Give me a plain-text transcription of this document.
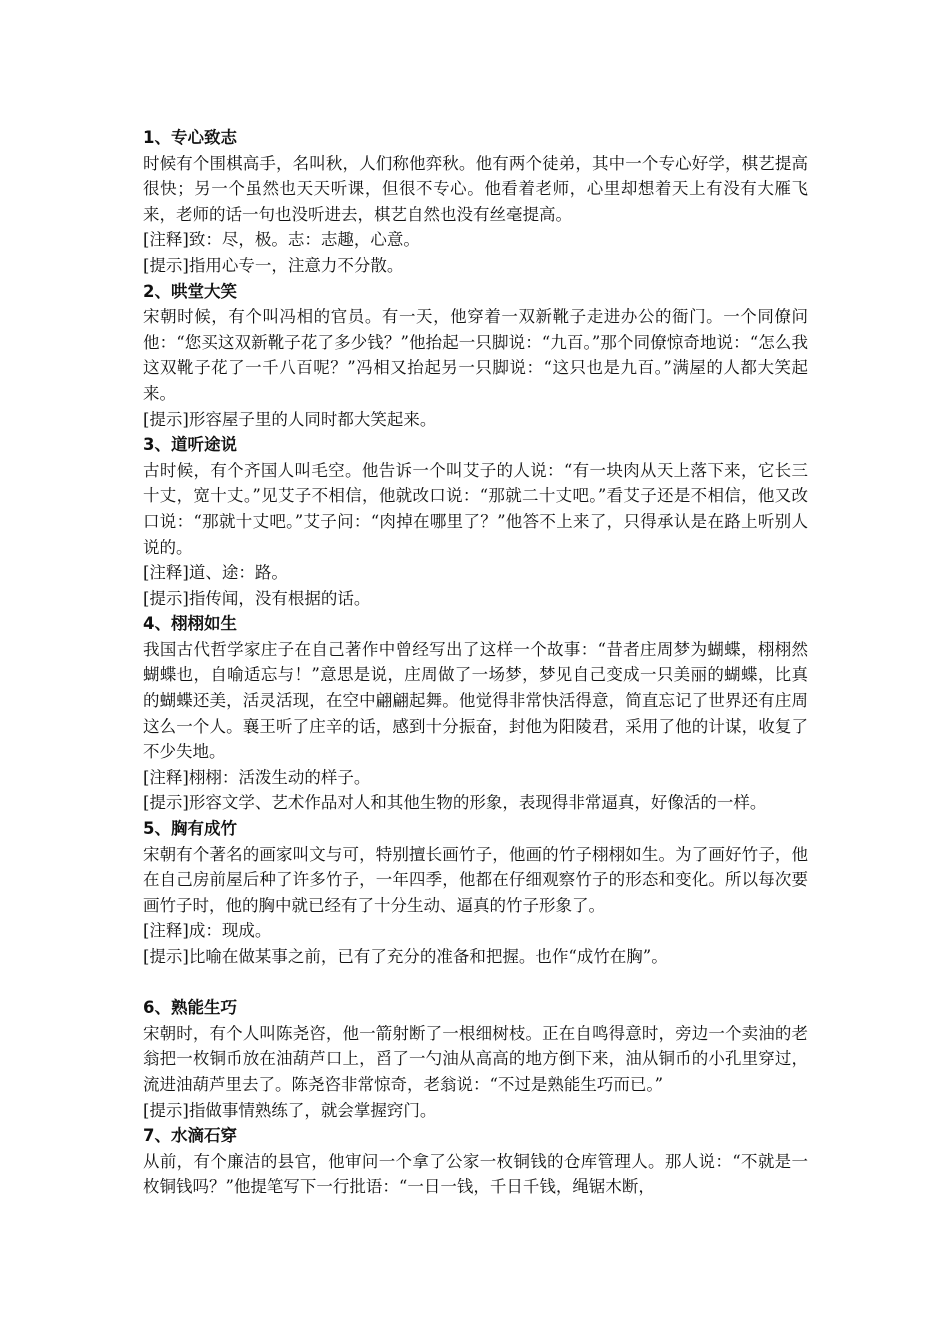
1、专心致志

时候有个围棋高手，名叫秋，人们称他弈秋。他有两个徒弟，其中一个专心好学，棋艺提高很快；另一个虽然也天天听课，但很不专心。他看着老师，心里却想着天上有没有大雁飞来，老师的话一句也没听进去，棋艺自然也没有丝毫提高。

[注释]致：尽，极。志：志趣，心意。

[提示]指用心专一，注意力不分散。

2、哄堂大笑

宋朝时候，有个叫冯相的官员。有一天，他穿着一双新靴子走进办公的衙门。一个同僚问他：“您买这双新靴子花了多少钱？”他抬起一只脚说：“九百。”那个同僚惊奇地说：“怎么我这双靴子花了一千八百呢？”冯相又抬起另一只脚说：“这只也是九百。”满屋的人都大笑起来。

[提示]形容屋子里的人同时都大笑起来。

3、道听途说

古时候，有个齐国人叫毛空。他告诉一个叫艾子的人说：“有一块肉从天上落下来，它长三十丈，宽十丈。”见艾子不相信，他就改口说：“那就二十丈吧。”看艾子还是不相信，他又改口说：“那就十丈吧。”艾子问：“肉掉在哪里了？”他答不上来了，只得承认是在路上听别人说的。

[注释]道、途：路。

[提示]指传闻，没有根据的话。

4、栩栩如生

我国古代哲学家庄子在自己著作中曾经写出了这样一个故事：“昔者庄周梦为蝴蝶，栩栩然蝴蝶也，自喻适忘与！”意思是说，庄周做了一场梦，梦见自己变成一只美丽的蝴蝶，比真的蝴蝶还美，活灵活现，在空中翩翩起舞。他觉得非常快活得意，简直忘记了世界还有庄周这么一个人。襄王听了庄辛的话，感到十分振奋，封他为阳陵君，采用了他的计谋，收复了不少失地。

[注释]栩栩：活泼生动的样子。

[提示]形容文学、艺术作品对人和其他生物的形象，表现得非常逼真，好像活的一样。

5、胸有成竹

宋朝有个著名的画家叫文与可，特别擅长画竹子，他画的竹子栩栩如生。为了画好竹子，他在自己房前屋后种了许多竹子，一年四季，他都在仔细观察竹子的形态和变化。所以每次要画竹子时，他的胸中就已经有了十分生动、逼真的竹子形象了。

[注释]成：现成。

[提示]比喻在做某事之前，已有了充分的准备和把握。也作“成竹在胸”。

6、熟能生巧

宋朝时，有个人叫陈尧咨，他一箭射断了一根细树枝。正在自鸣得意时，旁边一个卖油的老翁把一枚铜币放在油葫芦口上，舀了一勺油从高高的地方倒下来，油从铜币的小孔里穿过，流进油葫芦里去了。陈尧咨非常惊奇，老翁说：“不过是熟能生巧而已。”

[提示]指做事情熟练了，就会掌握窍门。

7、水滴石穿

从前，有个廉洁的县官，他审问一个拿了公家一枚铜钱的仓库管理人。那人说：“不就是一枚铜钱吗？”他提笔写下一行批语：“一日一钱，千日千钱，绳锯木断，
